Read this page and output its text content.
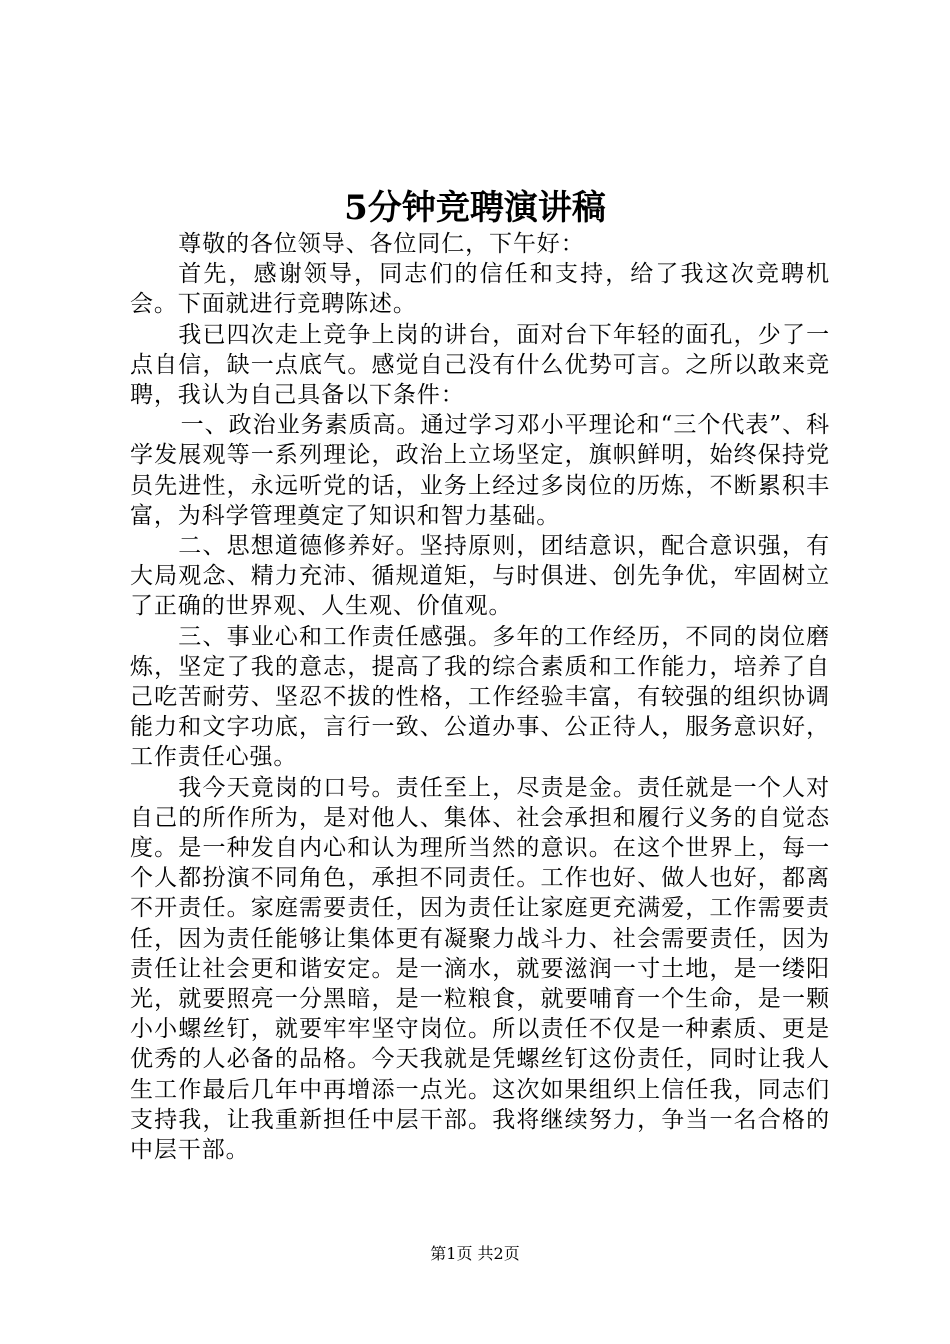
5分钟竞聘演讲稿

尊敬的各位领导、各位同仁，下午好：

首先，感谢领导，同志们的信任和支持，给了我这次竞聘机会。下面就进行竞聘陈述。

我已四次走上竞争上岗的讲台，面对台下年轻的面孔，少了一点自信，缺一点底气。感觉自己没有什么优势可言。之所以敢来竞聘，我认为自己具备以下条件：

一、政治业务素质高。通过学习邓小平理论和“三个代表”、科学发展观等一系列理论，政治上立场坚定，旗帜鲜明，始终保持党员先进性，永远听党的话，业务上经过多岗位的历炼，不断累积丰富，为科学管理奠定了知识和智力基础。

二、思想道德修养好。坚持原则，团结意识，配合意识强，有大局观念、精力充沛、循规道矩，与时俱进、创先争优，牢固树立了正确的世界观、人生观、价值观。

三、事业心和工作责任感强。多年的工作经历，不同的岗位磨炼，坚定了我的意志，提高了我的综合素质和工作能力，培养了自己吃苦耐劳、坚忍不拔的性格，工作经验丰富，有较强的组织协调能力和文字功底，言行一致、公道办事、公正待人，服务意识好，工作责任心强。

我今天竟岗的口号。责任至上，尽责是金。责任就是一个人对自己的所作所为，是对他人、集体、社会承担和履行义务的自觉态度。是一种发自内心和认为理所当然的意识。在这个世界上，每一个人都扮演不同角色，承担不同责任。工作也好、做人也好，都离不开责任。家庭需要责任，因为责任让家庭更充满爱，工作需要责任，因为责任能够让集体更有凝聚力战斗力、社会需要责任，因为责任让社会更和谐安定。是一滴水，就要滋润一寸土地，是一缕阳光，就要照亮一分黑暗，是一粒粮食，就要哺育一个生命，是一颗小小螺丝钉，就要牢牢坚守岗位。所以责任不仅是一种素质、更是优秀的人必备的品格。今天我就是凭螺丝钉这份责任，同时让我人生工作最后几年中再增添一点光。这次如果组织上信任我，同志们支持我，让我重新担任中层干部。我将继续努力，争当一名合格的中层干部。

第1页 共2页
